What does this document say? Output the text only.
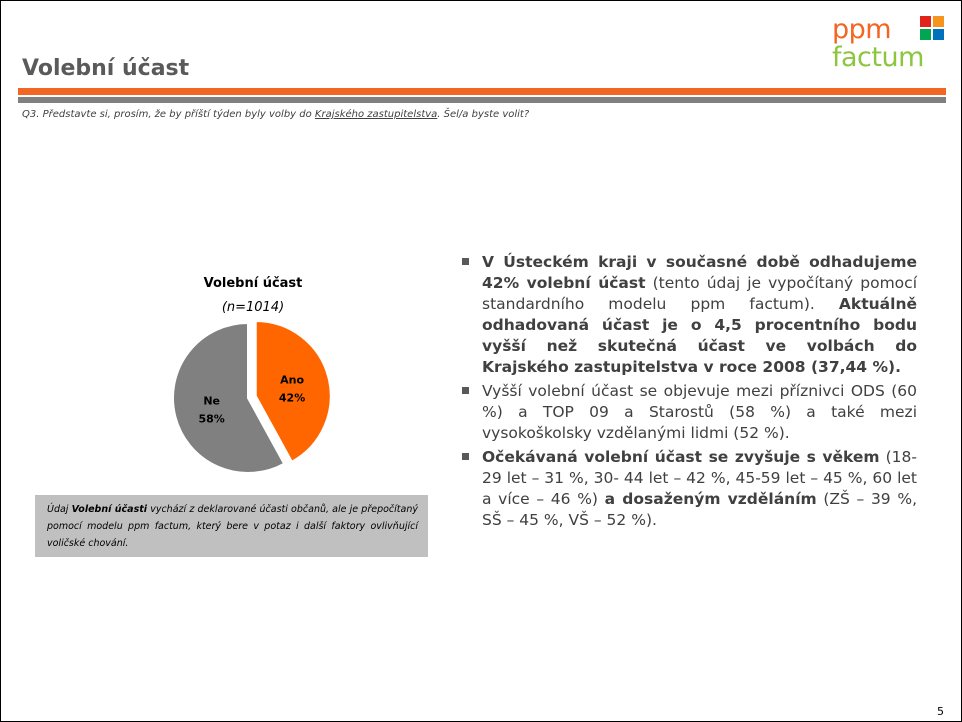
Volební účast
ppm
factum
Q3. Představte si, prosím, že by příští týden byly volby do Krajského zastupitelstva. Šel/a byste volit?
Volební účast
(n=1014)
Ano
42%
Ne
58%
Údaj Volební účasti vychází z deklarované účasti občanů, ale je přepočítaný pomocí modelu ppm factum, který bere v potaz i další faktory ovlivňující voličské chování.
V Ústeckém kraji v současné době odhadujeme 42% volební účast (tento údaj je vypočítaný pomocí standardního modelu ppm factum). Aktuálně odhadovaná účast je o 4,5 procentního bodu vyšší než skutečná účast ve volbách do Krajského zastupitelstva v roce 2008 (37,44 %).
Vyšší volební účast se objevuje mezi příznivci ODS (60 %) a TOP 09 a Starostů (58 %) a také mezi vysokoškolsky vzdělanými lidmi (52 %).
Očekávaná volební účast se zvyšuje s věkem (18-29 let – 31 %, 30- 44 let – 42 %, 45-59 let – 45 %, 60 let a více – 46 %) a dosaženým vzděláním (ZŠ – 39 %, SŠ – 45 %, VŠ – 52 %).
5
